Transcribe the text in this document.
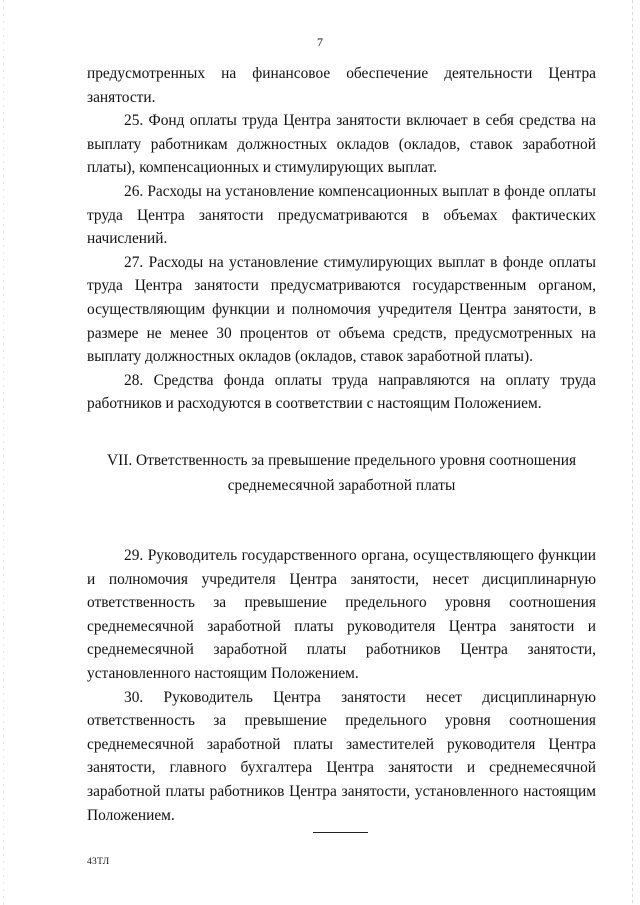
7

предусмотренных на финансовое обеспечение деятельности Центра занятости.

25. Фонд оплаты труда Центра занятости включает в себя средства на выплату работникам должностных окладов (окладов, ставок заработной платы), компенсационных и стимулирующих выплат.

26. Расходы на установление компенсационных выплат в фонде оплаты труда Центра занятости предусматриваются в объемах фактических начислений.

27. Расходы на установление стимулирующих выплат в фонде оплаты труда Центра занятости предусматриваются государственным органом, осуществляющим функции и полномочия учредителя Центра занятости, в размере не менее 30 процентов от объема средств, предусмотренных на выплату должностных окладов (окладов, ставок заработной платы).

28. Средства фонда оплаты труда направляются на оплату труда работников и расходуются в соответствии с настоящим Положением.

VII. Ответственность за превышение предельного уровня соотношения
среднемесячной заработной платы

29. Руководитель государственного органа, осуществляющего функции и полномочия учредителя Центра занятости, несет дисциплинарную ответственность за превышение предельного уровня соотношения среднемесячной заработной платы руководителя Центра занятости и среднемесячной заработной платы работников Центра занятости, установленного настоящим Положением.

30. Руководитель Центра занятости несет дисциплинарную ответственность за превышение предельного уровня соотношения среднемесячной заработной платы заместителей руководителя Центра занятости, главного бухгалтера Центра занятости и среднемесячной заработной платы работников Центра занятости, установленного настоящим Положением.

43ТЛ
